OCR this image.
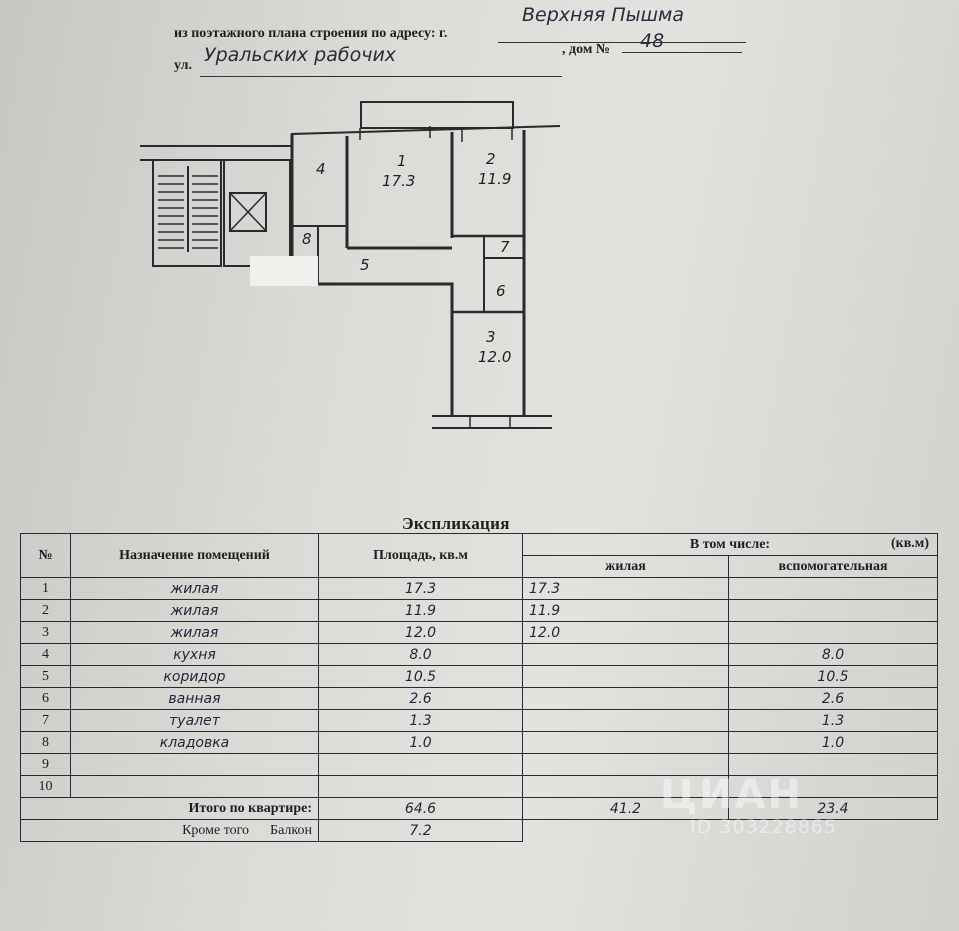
из поэтажного плана строения по адресу: г.
Верхняя Пышма
ул. Уральских рабочих	, дом № 48
1
17.3
2
11.9
3
12.0
4
5
6
7
8
Экспликация
№	Назначение помещений	Площадь, кв.м	В том числе: (кв.м)	

			жилая	вспомогательная
1	жилая	17.3	17.3	
2	жилая	11.9	11.9	
3	жилая	12.0	12.0	
4	кухня	8.0		8.0
5	коридор	10.5		10.5
6	ванная	2.6		2.6
7	туалет	1.3		1.3
8	кладовка	1.0		1.0
9				
10				
Итого по квартире:		64.6	41.2	23.4
Кроме того Балкон		7.2		
ЦИАН
ID 303228865
